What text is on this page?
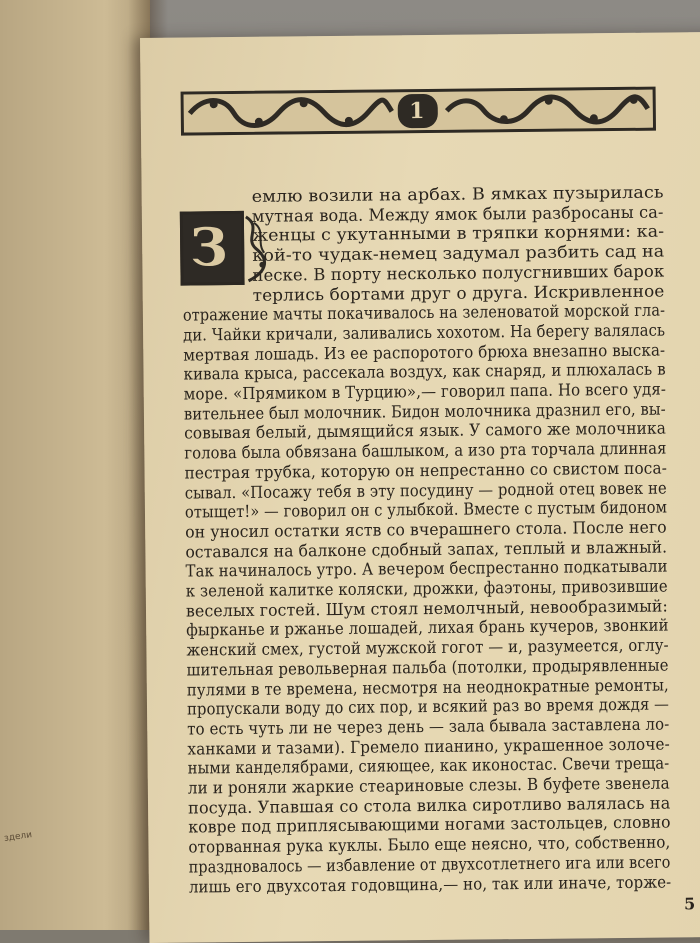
здели
1
З
емлю возили на арбах. В ямках пузырилась
мутная вода. Между ямок были разбросаны са-
женцы с укутанными в тряпки корнями: ка-
кой-то чудак-немец задумал разбить сад на
песке. В порту несколько полусгнивших барок
терлись бортами друг о друга. Искривленное
отражение мачты покачивалось на зеленоватой морской гла-
ди. Чайки кричали, заливались хохотом. На берегу валялась
мертвая лошадь. Из ее распоротого брюха внезапно выска-
кивала крыса, рассекала воздух, как снаряд, и плюхалась в
море. «Прямиком в Турцию»,— говорил папа. Но всего удя-
вительнее был молочник. Бидон молочника дразнил его, вы-
совывая белый, дымящийся язык. У самого же молочника
голова была обвязана башлыком, а изо рта торчала длинная
пестрая трубка, которую он непрестанно со свистом посa-
сывал. «Посажу тебя в эту посудину — родной отец вовек не
отыщет!» — говорил он с улыбкой. Вместе с пустым бидоном
он уносил остатки яств со вчерашнего стола. После него
оставался на балконе сдобный запах, теплый и влажный.
Так начиналось утро. А вечером беспрестанно подкатывали
к зеленой калитке коляски, дрожки, фаэтоны, привозившие
веселых гостей. Шум стоял немолчный, невообразимый:
фырканье и ржанье лошадей, лихая брань кучеров, звонкий
женский смех, густой мужской гогот — и, разумеется, оглу-
шительная револьверная пальба (потолки, продырявленные
пулями в те времена, несмотря на неоднократные ремонты,
пропускали воду до сих пор, и всякий раз во время дождя —
то есть чуть ли не через день — зала бывала заставлена ло-
ханками и тазами). Гремело пианино, украшенное золоче-
ными канделябрами, сияющее, как иконостас. Свечи треща-
ли и роняли жаркие стеариновые слезы. В буфете звенела
посуда. Упавшая со стола вилка сиротливо валялась на
ковре под приплясывающими ногами застольцев, словно
оторванная рука куклы. Было еще неясно, что, собственно,
праздновалось — избавление от двухсотлетнего ига или всего
лишь его двухсотая годовщина,— но, так или иначе, торже-
5
